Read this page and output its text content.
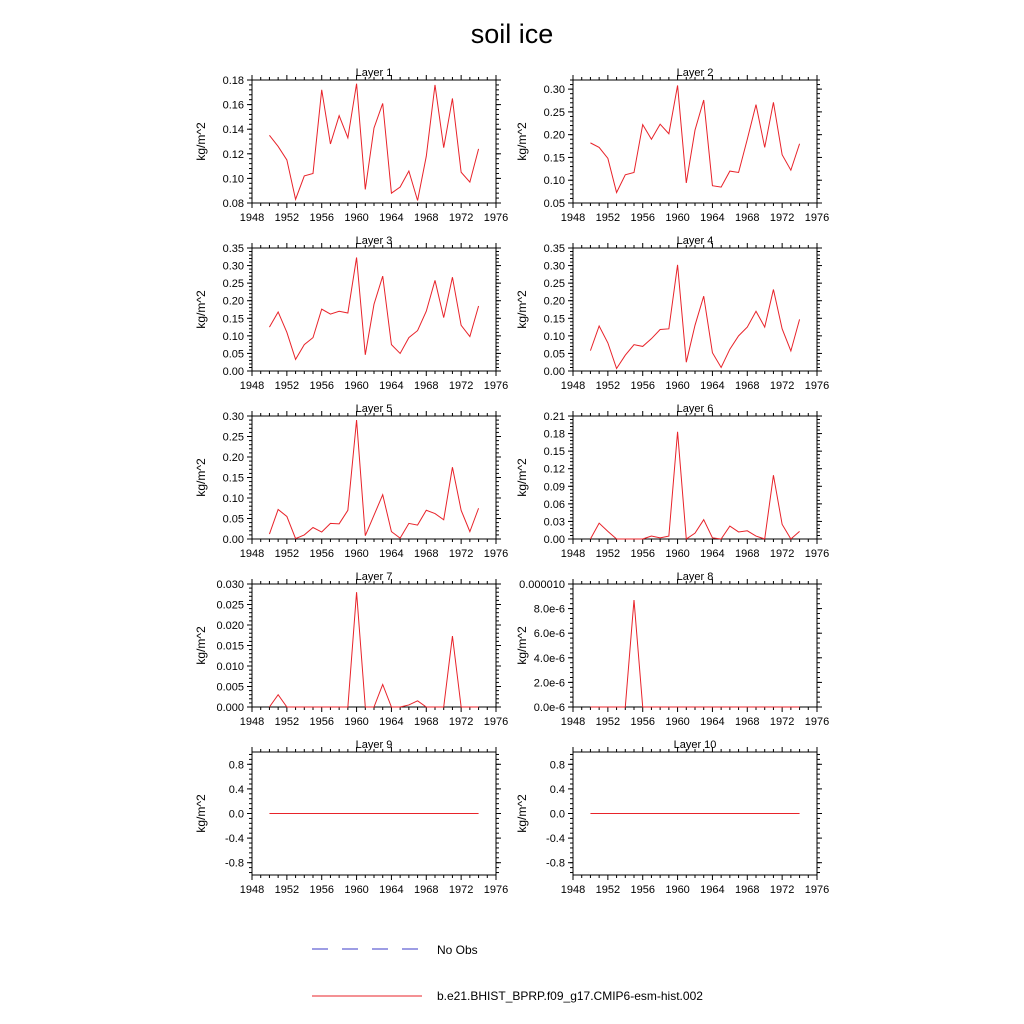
soil ice
Layer 1
kg/m^2
1948 1952 1956 1960 1964 1968 1972 1976
0.08
0.10
0.12
0.14
0.16
0.18
Layer 2
kg/m^2
1948 1952 1956 1960 1964 1968 1972 1976
0.05
0.10
0.15
0.20
0.25
0.30
Layer 3
kg/m^2
1948 1952 1956 1960 1964 1968 1972 1976
0.00
0.05
0.10
0.15
0.20
0.25
0.30
0.35
Layer 4
kg/m^2
1948 1952 1956 1960 1964 1968 1972 1976
0.00
0.05
0.10
0.15
0.20
0.25
0.30
0.35
Layer 5
kg/m^2
1948 1952 1956 1960 1964 1968 1972 1976
0.00
0.05
0.10
0.15
0.20
0.25
0.30
Layer 6
kg/m^2
1948 1952 1956 1960 1964 1968 1972 1976
0.00
0.03
0.06
0.09
0.12
0.15
0.18
0.21
Layer 7
kg/m^2
1948 1952 1956 1960 1964 1968 1972 1976
0.000
0.005
0.010
0.015
0.020
0.025
0.030
Layer 8
kg/m^2
1948 1952 1956 1960 1964 1968 1972 1976
0.0e-6
2.0e-6
4.0e-6
6.0e-6
8.0e-6
0.000010
Layer 9
kg/m^2
1948 1952 1956 1960 1964 1968 1972 1976
-0.8
-0.4
0.0
0.4
0.8
Layer 10
kg/m^2
1948 1952 1956 1960 1964 1968 1972 1976
-0.8
-0.4
0.0
0.4
0.8
No Obs
b.e21.BHIST_BPRP.f09_g17.CMIP6-esm-hist.002
